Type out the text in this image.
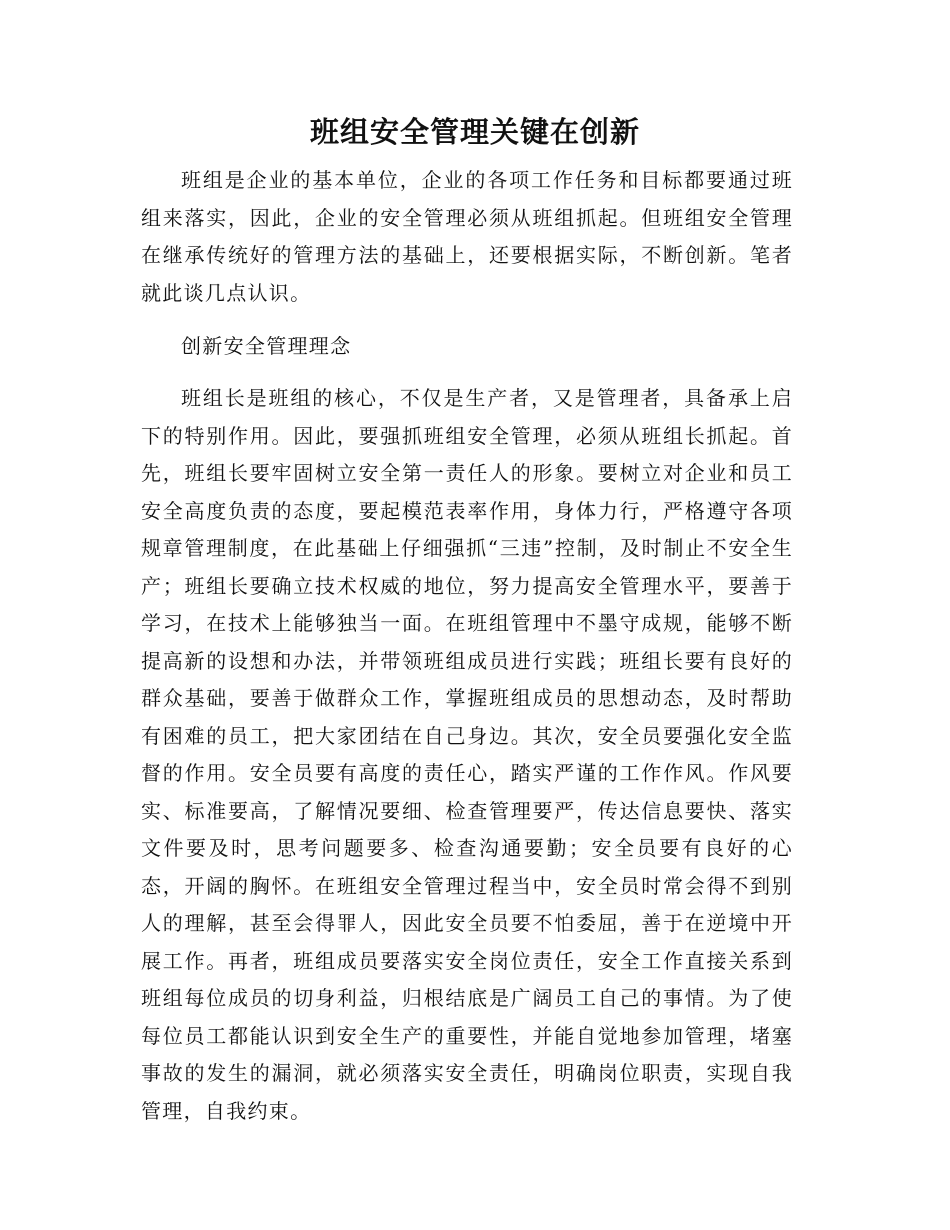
班组安全管理关键在创新

班组是企业的基本单位，企业的各项工作任务和目标都要通过班组来落实，因此，企业的安全管理必须从班组抓起。但班组安全管理在继承传统好的管理方法的基础上，还要根据实际，不断创新。笔者就此谈几点认识。

创新安全管理理念

班组长是班组的核心，不仅是生产者，又是管理者，具备承上启下的特别作用。因此，要强抓班组安全管理，必须从班组长抓起。首先，班组长要牢固树立安全第一责任人的形象。要树立对企业和员工安全高度负责的态度，要起模范表率作用，身体力行，严格遵守各项规章管理制度，在此基础上仔细强抓“三违”控制，及时制止不安全生产；班组长要确立技术权威的地位，努力提高安全管理水平，要善于学习，在技术上能够独当一面。在班组管理中不墨守成规，能够不断提高新的设想和办法，并带领班组成员进行实践；班组长要有良好的群众基础，要善于做群众工作，掌握班组成员的思想动态，及时帮助有困难的员工，把大家团结在自己身边。其次，安全员要强化安全监督的作用。安全员要有高度的责任心，踏实严谨的工作作风。作风要实、标准要高，了解情况要细、检查管理要严，传达信息要快、落实文件要及时，思考问题要多、检查沟通要勤；安全员要有良好的心态，开阔的胸怀。在班组安全管理过程当中，安全员时常会得不到别人的理解，甚至会得罪人，因此安全员要不怕委屈，善于在逆境中开展工作。再者，班组成员要落实安全岗位责任，安全工作直接关系到班组每位成员的切身利益，归根结底是广阔员工自己的事情。为了使每位员工都能认识到安全生产的重要性，并能自觉地参加管理，堵塞事故的发生的漏洞，就必须落实安全责任，明确岗位职责，实现自我管理，自我约束。
